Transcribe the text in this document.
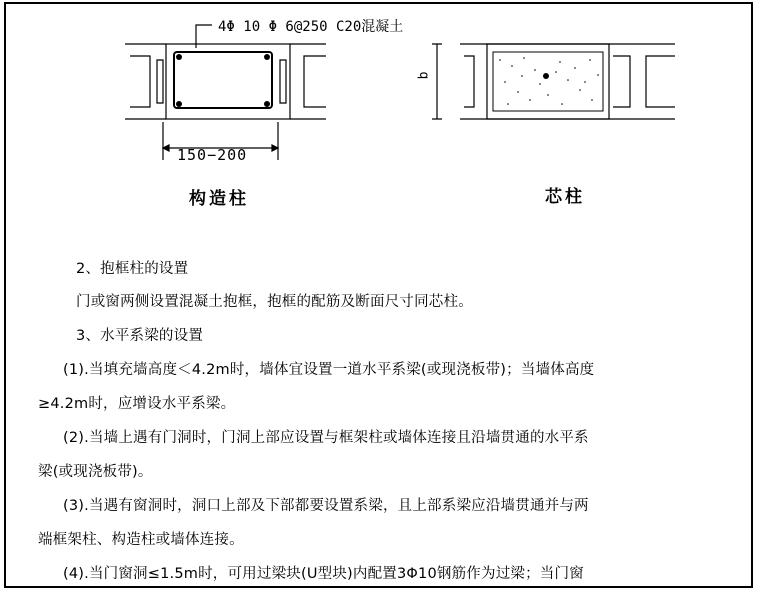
4Φ 10 Φ 6@250 C20混凝土
150−200
b
构造柱	芯柱
2、抱框柱的设置
门或窗两侧设置混凝土抱框，抱框的配筋及断面尺寸同芯柱。
3、水平系梁的设置
(1).当填充墙高度＜4.2m时，墙体宜设置一道水平系梁(或现浇板带)；当墙体高度
≥4.2m时，应增设水平系梁。
(2).当墙上遇有门洞时，门洞上部应设置与框架柱或墙体连接且沿墙贯通的水平系
梁(或现浇板带)。
(3).当遇有窗洞时，洞口上部及下部都要设置系梁，且上部系梁应沿墙贯通并与两
端框架柱、构造柱或墙体连接。
(4).当门窗洞≤1.5m时，可用过梁块(U型块)内配置3Φ10钢筋作为过梁；当门窗
